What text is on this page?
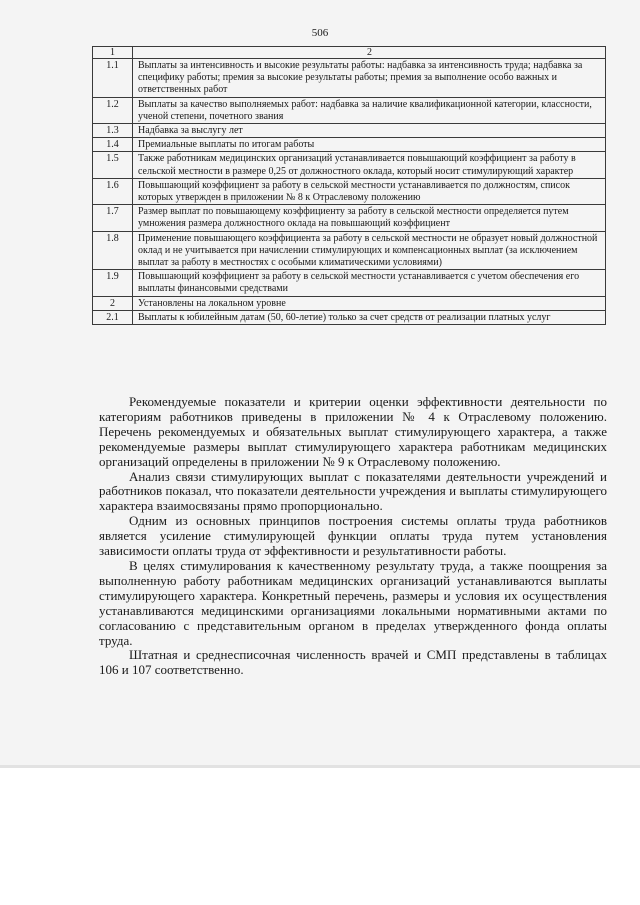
506
1	2
1.1	Выплаты за интенсивность и высокие результаты работы: надбавка за интенсивность труда; надбавка за специфику работы; премия за высокие результаты работы; премия за выполнение особо важных и ответственных работ
1.2	Выплаты за качество выполняемых работ: надбавка за наличие квалификационной категории, классности, ученой степени, почетного звания
1.3	Надбавка за выслугу лет
1.4	Премиальные выплаты по итогам работы
1.5	Также работникам медицинских организаций устанавливается повышающий коэффициент за работу в сельской местности в размере 0,25 от должностного оклада, который носит стимулирующий характер
1.6	Повышающий коэффициент за работу в сельской местности устанавливается по должностям, список которых утвержден в приложении № 8 к Отраслевому положению
1.7	Размер выплат по повышающему коэффициенту за работу в сельской местности определяется путем умножения размера должностного оклада на повышающий коэффициент
1.8	Применение повышающего коэффициента за работу в сельской местности не образует новый должностной оклад и не учитывается при начислении стимулирующих и компенсационных выплат (за исключением выплат за работу в местностях с особыми климатическими условиями)
1.9	Повышающий коэффициент за работу в сельской местности устанавливается с учетом обеспечения его выплаты финансовыми средствами
2	Установлены на локальном уровне
2.1	Выплаты к юбилейным датам (50, 60-летие) только за счет средств от реализации платных услуг

Рекомендуемые показатели и критерии оценки эффективности деятельности по категориям работников приведены в приложении № 4 к Отраслевому положению. Перечень рекомендуемых и обязательных выплат стимулирующего характера, а также рекомендуемые размеры выплат стимулирующего характера работникам медицинских организаций определены в приложении № 9 к Отраслевому положению.

Анализ связи стимулирующих выплат с показателями деятельности учреждений и работников показал, что показатели деятельности учреждения и выплаты стимулирующего характера взаимосвязаны прямо пропорционально.

Одним из основных принципов построения системы оплаты труда работников является усиление стимулирующей функции оплаты труда путем установления зависимости оплаты труда от эффективности и результативности работы.

В целях стимулирования к качественному результату труда, а также поощрения за выполненную работу работникам медицинских организаций устанавливаются выплаты стимулирующего характера. Конкретный перечень, размеры и условия их осуществления устанавливаются медицинскими организациями локальными нормативными актами по согласованию с представительным органом в пределах утвержденного фонда оплаты труда.

Штатная и среднесписочная численность врачей и СМП представлены в таблицах 106 и 107 соответственно.
